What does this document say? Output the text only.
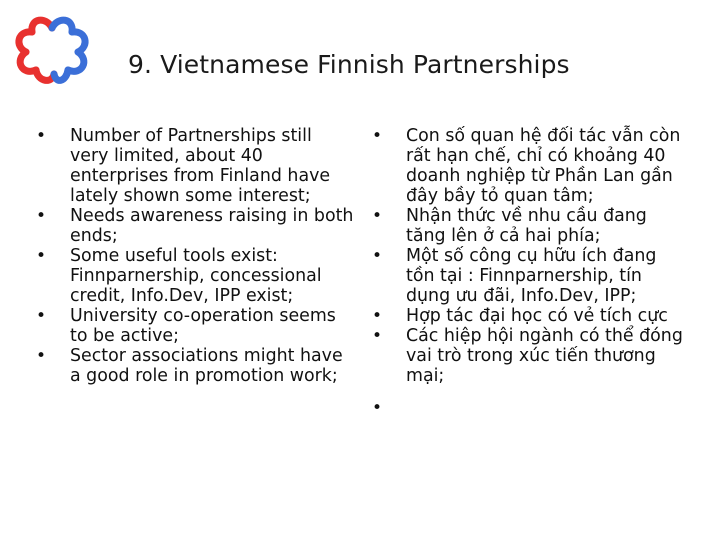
9. Vietnamese Finnish Partnerships
•	Number of Partnerships still very limited, about 40 enterprises from Finland have lately shown some interest;
•	Needs awareness raising in both ends;
•	Some useful tools exist: Finnparnership, concessional credit, Info.Dev, IPP exist;
•	University co-operation seems to be active;
•	Sector associations might have a good role in promotion work;
•	Con số quan hệ đối tác vẫn còn rất hạn chế, chỉ có khoảng 40 doanh nghiệp từ Phần Lan gần đây bầy tỏ quan tâm;
•	Nhận thức về nhu cầu đang tăng lên ở cả hai phía;
•	Một số công cụ hữu ích đang tồn tại : Finnparnership, tín dụng ưu đãi, Info.Dev, IPP;
•	Hợp tác đại học có vẻ tích cực
•	Các hiệp hội ngành có thể đóng vai trò trong xúc tiến thương mại;
•
